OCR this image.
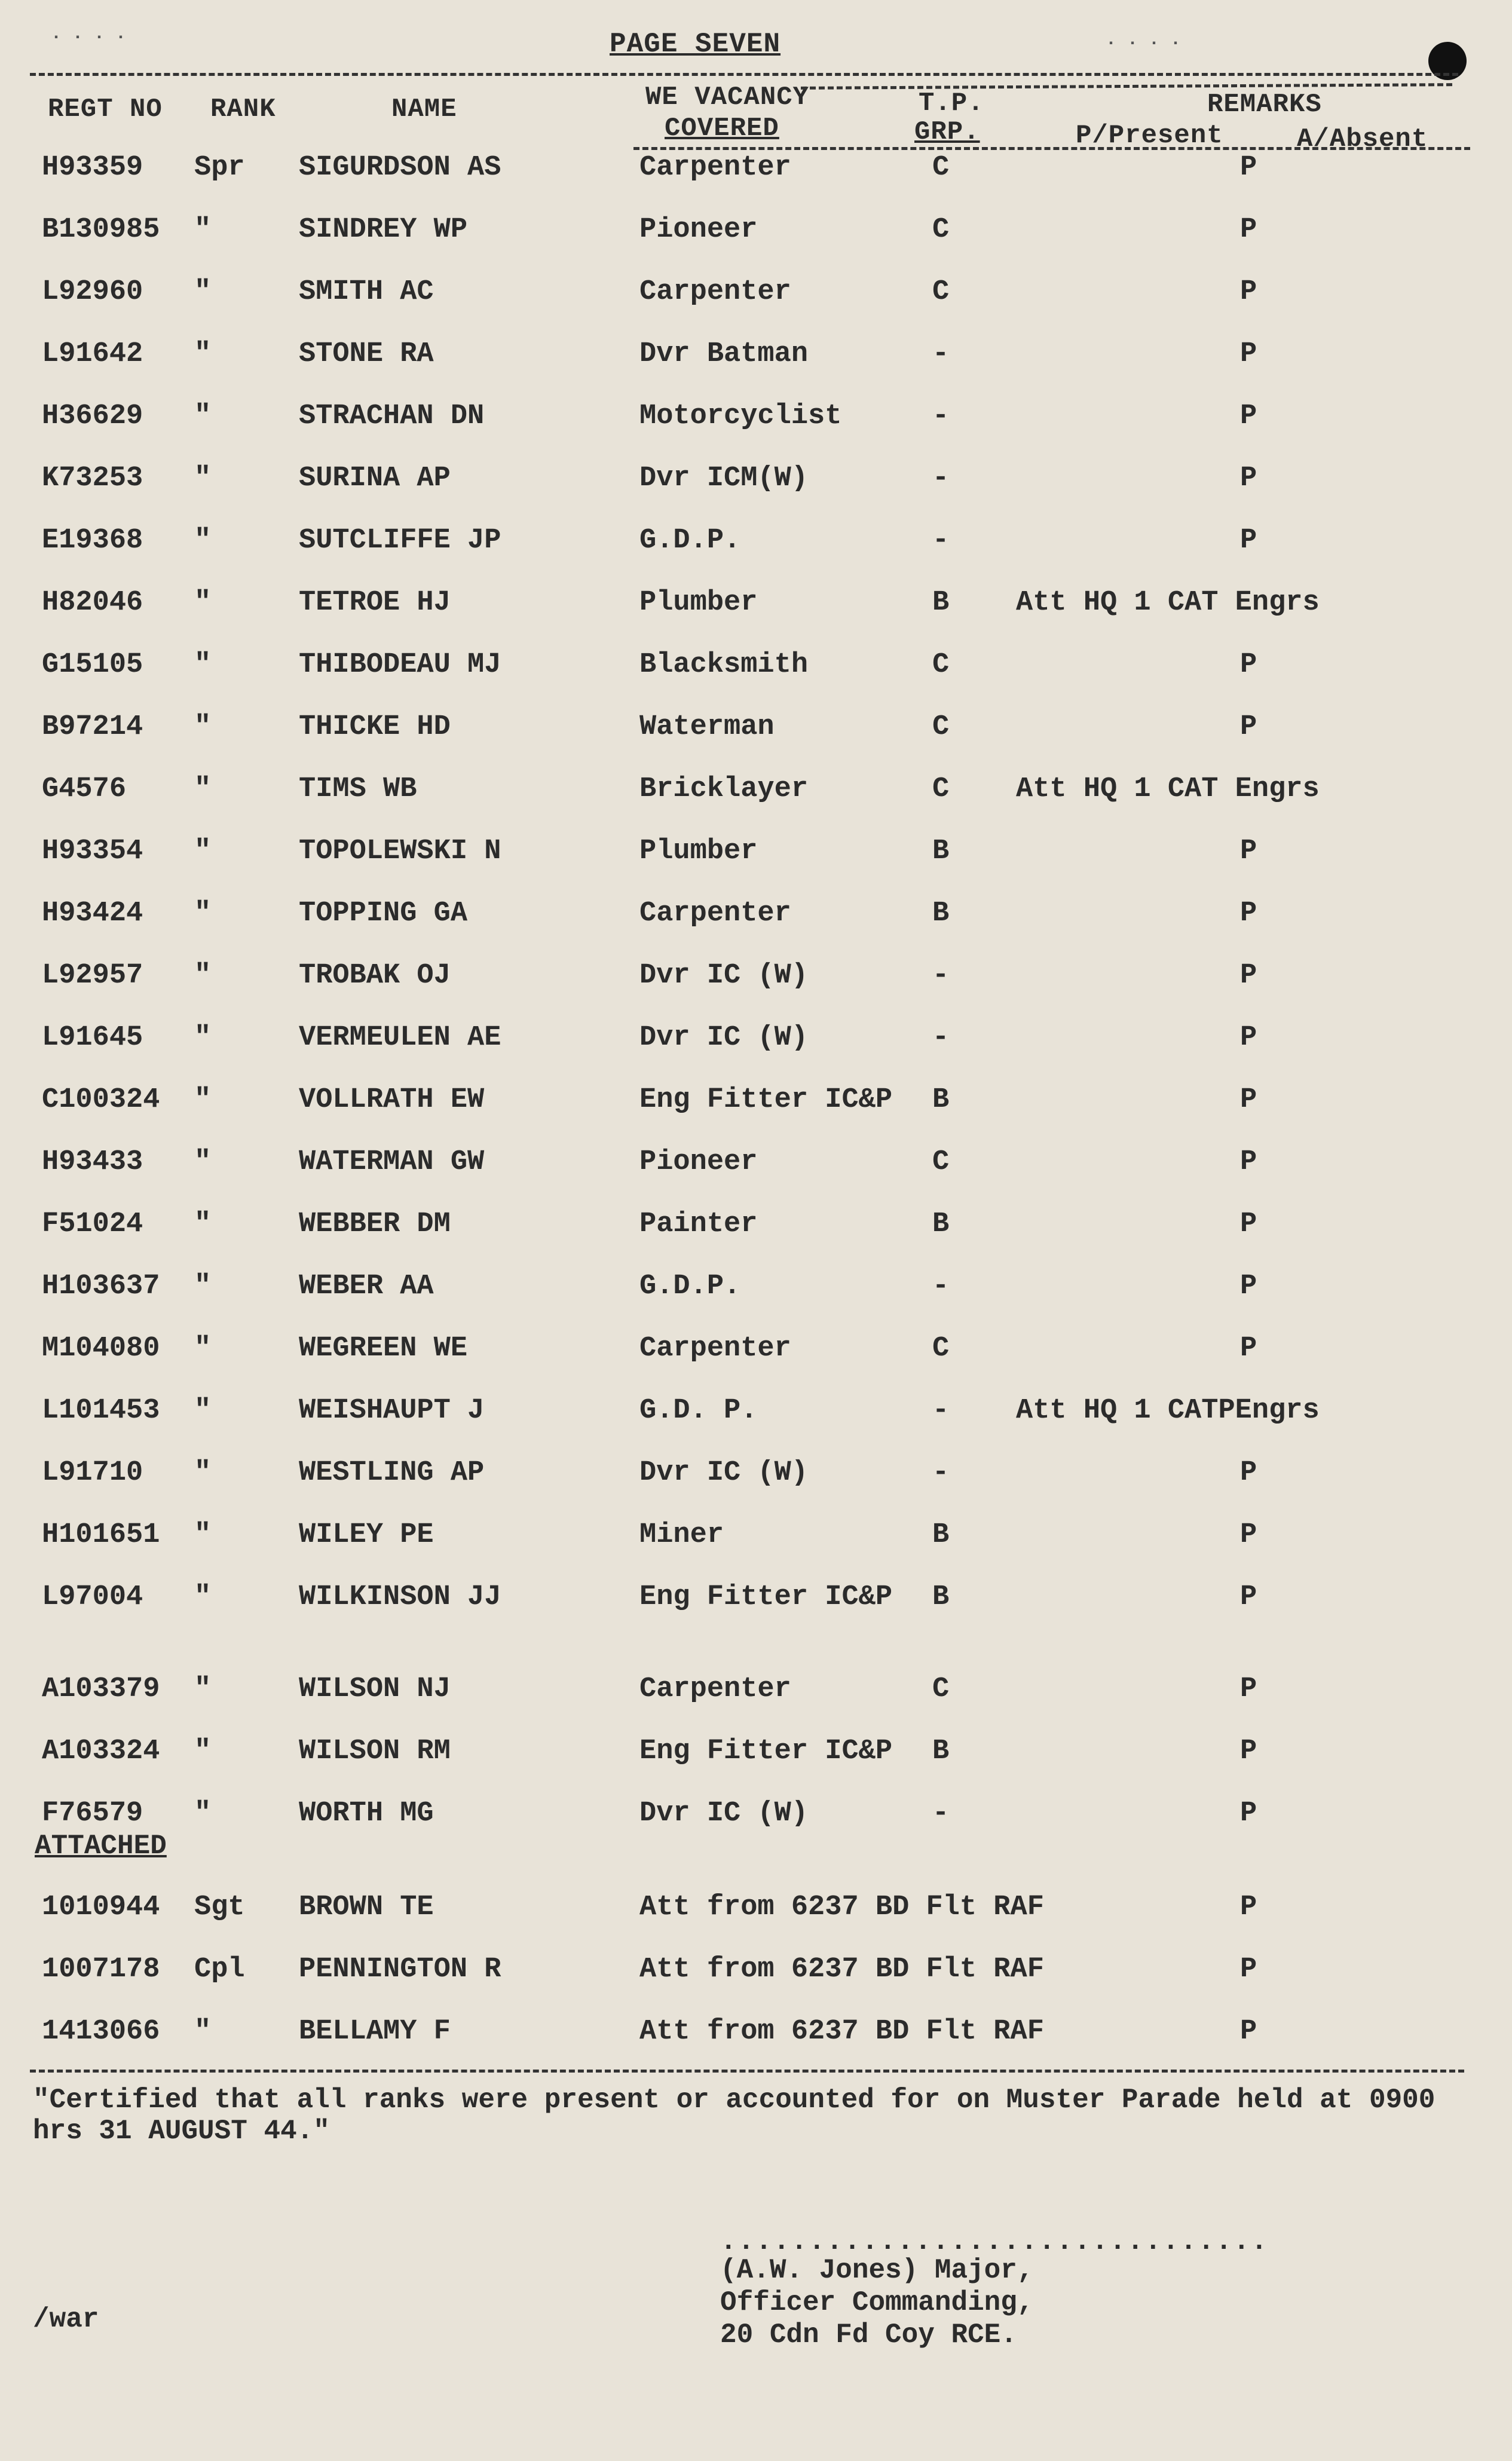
. . . .	. . . .
PAGE SEVEN
REGT NO RANK	NAME	WE VACANCY
COVERED
T.P.
GRP.
REMARKS
P/Present	A/Absent
H93359 Spr SIGURDSON AS	Carpenter	C	P
B130985 "	SINDREY WP	Pioneer	C	P
L92960 "	SMITH AC	Carpenter	C	P
L91642 "	STONE RA	Dvr Batman	-	P
H36629 "	STRACHAN DN	Motorcyclist	-	P
K73253 "	SURINA AP	Dvr ICM(W)	-	P
E19368 "	SUTCLIFFE JP	G.D.P.	-	P
H82046 "	TETROE HJ	Plumber	B Att HQ 1 CAT Engrs
G15105 "	THIBODEAU MJ	Blacksmith	C	P
B97214 "	THICKE HD	Waterman	C	P
G4576 "	TIMS WB	Bricklayer	C Att HQ 1 CAT Engrs
H93354 "	TOPOLEWSKI N	Plumber	B	P
H93424 "	TOPPING GA	Carpenter	B	P
L92957 "	TROBAK OJ	Dvr IC (W)	-	P
L91645 "	VERMEULEN AE	Dvr IC (W)	-	P
C100324 "	VOLLRATH EW	Eng Fitter IC&P B	P
H93433 "	WATERMAN GW	Pioneer	C	P
F51024 "	WEBBER DM	Painter	B	P
H103637 "	WEBER AA	G.D.P.	-	P
M104080 "	WEGREEN WE	Carpenter	C	P
L101453 "	WEISHAUPT J	G.D. P.	- Att HQ 1 CATPEngrs
L91710 "	WESTLING AP	Dvr IC (W)	-	P
H101651 "	WILEY PE	Miner	B	P
L97004 "	WILKINSON JJ	Eng Fitter IC&P B	P
A103379 "	WILSON NJ	Carpenter	C	P
A103324 "	WILSON RM	Eng Fitter IC&P B	P
F76579 "	WORTH MG	Dvr IC (W)	-	P
ATTACHED
1010944 Sgt BROWN TE	Att from 6237 BD Flt RAF	P
1007178 Cpl PENNINGTON R	Att from 6237 BD Flt RAF	P
1413066 "	BELLAMY F	Att from 6237 BD Flt RAF	P
"Certified that all ranks were present or accounted for on Muster Parade held at 0900 hrs 31 AUGUST 44."
...............................
(A.W. Jones) Major,
Officer Commanding,
20 Cdn Fd Coy RCE.
/war
